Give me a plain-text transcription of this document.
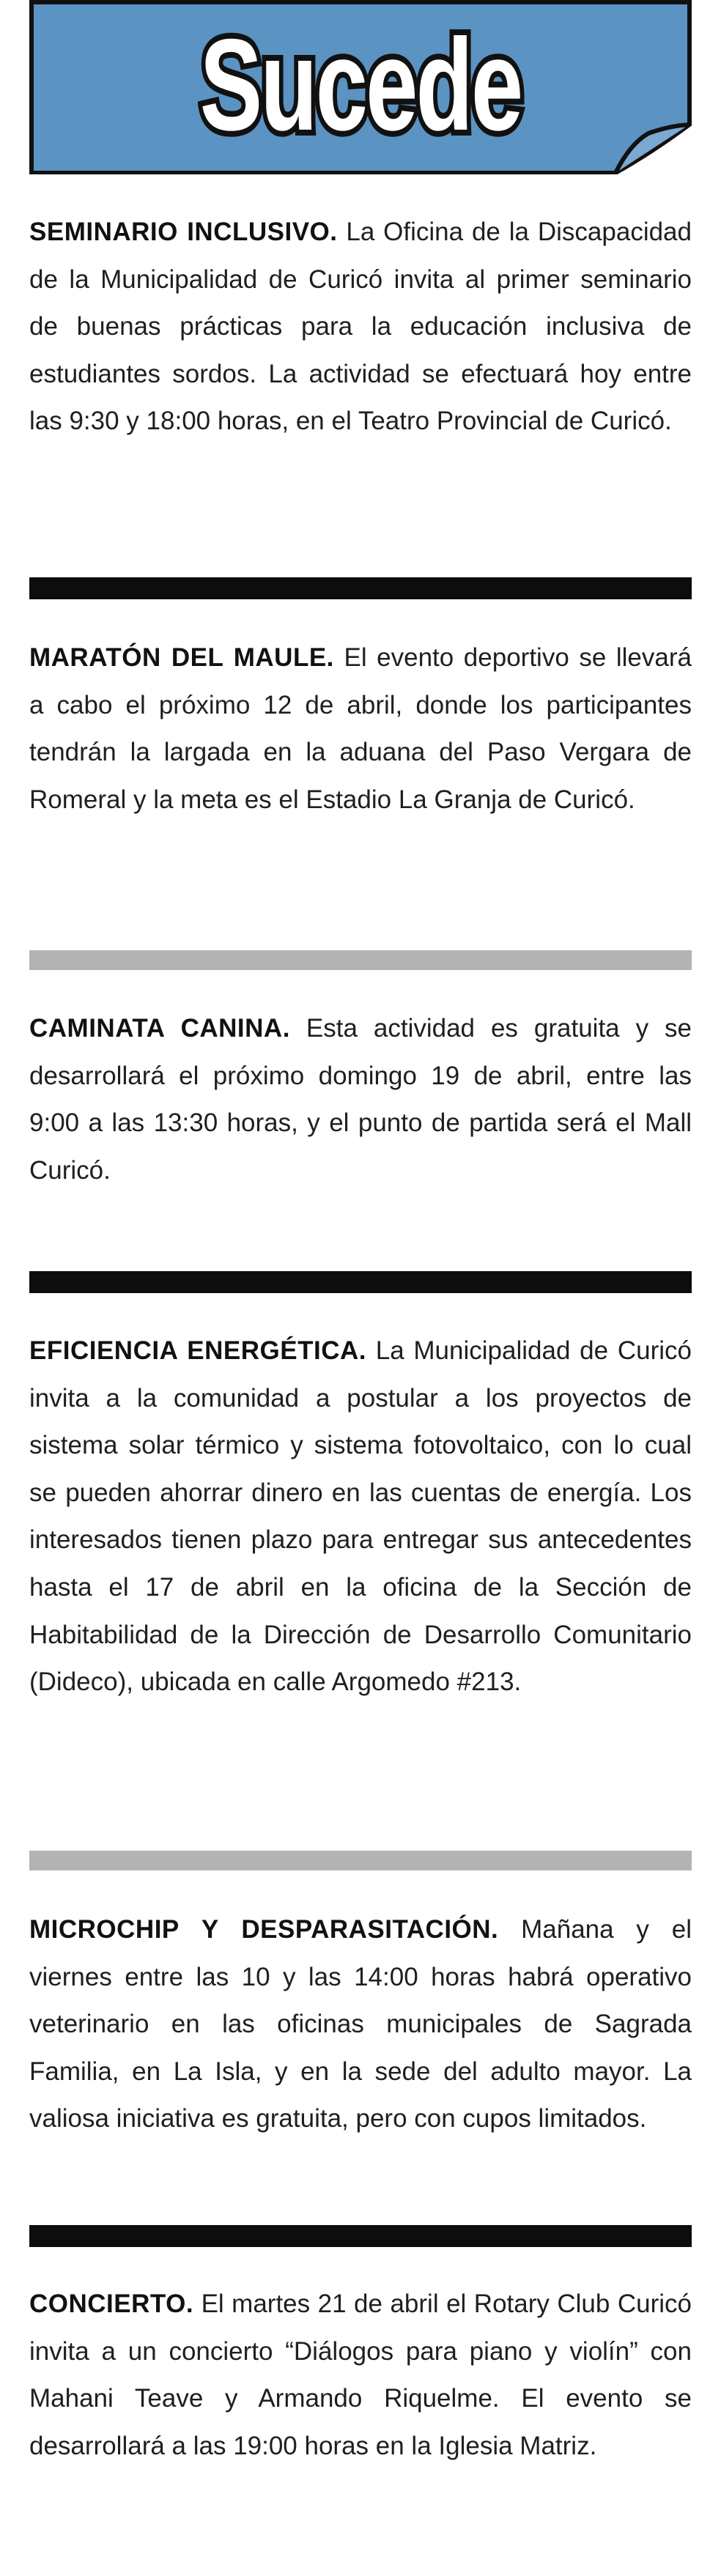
Sucede
SEMINARIO INCLUSIVO. La Oficina de la Discapacidad de la Municipalidad de Curicó invita al primer seminario de buenas prácticas para la educación inclusiva de estudiantes sordos. La actividad se efectuará hoy entre las 9:30 y 18:00 horas, en el Teatro Provincial de Curicó.
MARATÓN DEL MAULE. El evento deportivo se llevará a cabo el próximo 12 de abril, donde los participantes tendrán la largada en la aduana del Paso Vergara de Romeral y la meta es el Estadio La Granja de Curicó.
CAMINATA CANINA. Esta actividad es gratuita y se desarrollará el próximo domingo 19 de abril, entre las 9:00 a las 13:30 horas, y el punto de partida será el Mall Curicó.
EFICIENCIA ENERGÉTICA. La Municipalidad de Curicó invita a la comunidad a postular a los proyectos de sistema solar térmico y sistema fotovoltaico, con lo cual se pueden ahorrar dinero en las cuentas de energía. Los interesados tienen plazo para entregar sus antecedentes hasta el 17 de abril en la oficina de la Sección de Habitabilidad de la Dirección de Desarrollo Comunitario (Dideco), ubicada en calle Argomedo #213.
MICROCHIP Y DESPARASITACIÓN. Mañana y el viernes entre las 10 y las 14:00 horas habrá operativo veterinario en las oficinas municipales de Sagrada Familia, en La Isla, y en la sede del adulto mayor. La valiosa iniciativa es gratuita, pero con cupos limitados.
CONCIERTO. El martes 21 de abril el Rotary Club Curicó invita a un concierto “Diálogos para piano y violín” con Mahani Teave y Armando Riquelme. El evento se desarrollará a las 19:00 horas en la Iglesia Matriz.
